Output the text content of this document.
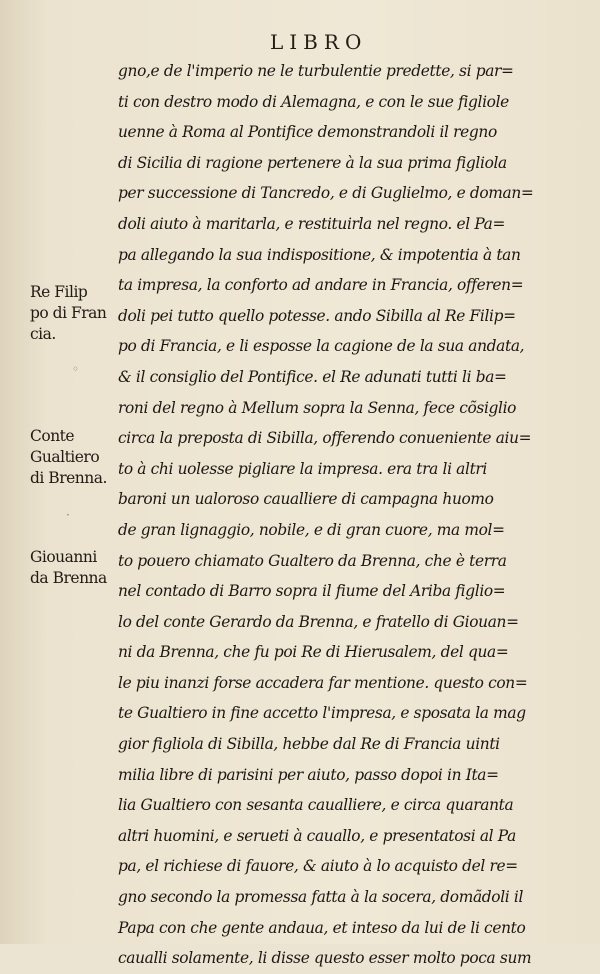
LIBRO
gno,e de l'imperio ne le turbulentie predette, si par=
ti con destro modo di Alemagna, e con le sue figliole
uenne à Roma al Pontifice demonstrandoli il regno
di Sicilia di ragione pertenere à la sua prima figliola
per successione di Tancredo, e di Guglielmo, e doman=
doli aiuto à maritarla, e restituirla nel regno. el Pa=
pa allegando la sua indispositione, & impotentia à tan
ta impresa, la conforto ad andare in Francia, offeren=
doli pei tutto quello potesse. ando Sibilla al Re Filip=
po di Francia, e li esposse la cagione de la sua andata,
& il consiglio del Pontifice. el Re adunati tutti li ba=
roni del regno à Mellum sopra la Senna, fece cõsiglio
circa la preposta di Sibilla, offerendo conueniente aiu=
to à chi uolesse pigliare la impresa. era tra li altri
baroni un ualoroso caualliere di campagna huomo
de gran lignaggio, nobile, e di gran cuore, ma mol=
to pouero chiamato Gualtero da Brenna, che è terra
nel contado di Barro sopra il fiume del Ariba figlio=
lo del conte Gerardo da Brenna, e fratello di Giouan=
ni da Brenna, che fu poi Re di Hierusalem, del qua=
le piu inanzi forse accadera far mentione. questo con=
te Gualtiero in fine accetto l'impresa, e sposata la mag
gior figliola di Sibilla, hebbe dal Re di Francia uinti
milia libre di parisini per aiuto, passo dopoi in Ita=
lia Gualtiero con sesanta caualliere, e circa quaranta
altri huomini, e serueti à cauallo, e presentatosi al Pa
pa, el richiese di fauore, & aiuto à lo acquisto del re=
gno secondo la promessa fatta à la socera, domãdoli il
Papa con che gente andaua, et inteso da lui de li cento
caualli solamente, li disse questo esser molto poca sum
Re Filip
po di Fran
cia.
Conte
Gualtiero
di Brenna.
Giouanni
da Brenna
◦
·
